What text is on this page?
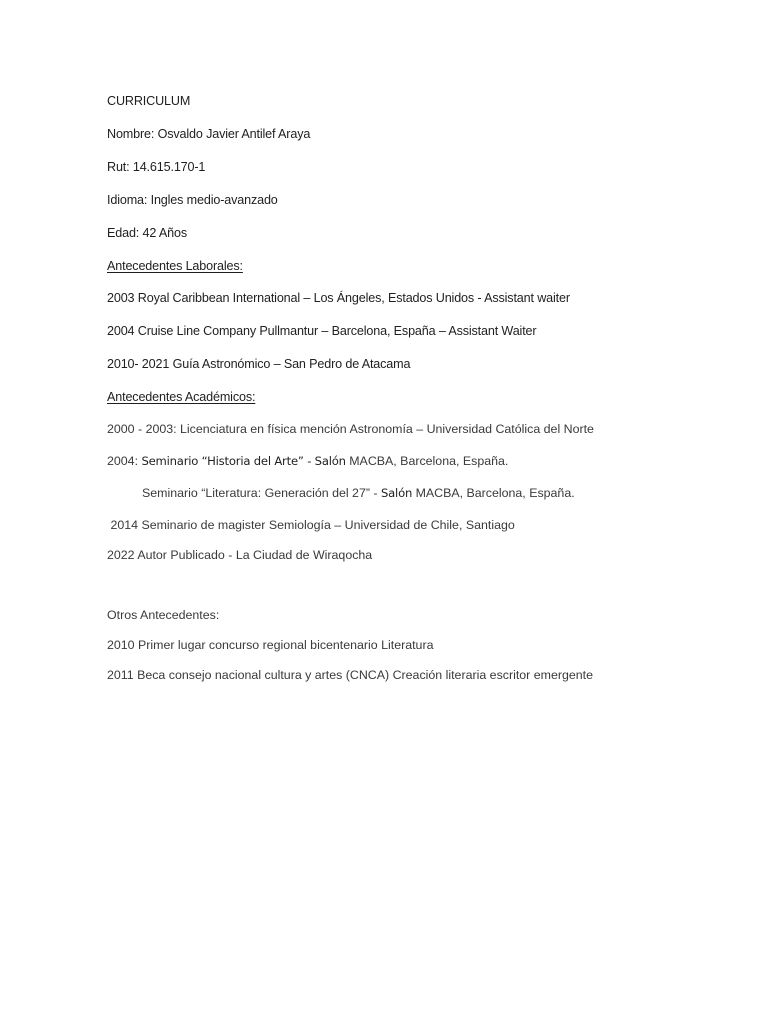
CURRICULUM
Nombre: Osvaldo Javier Antilef Araya
Rut: 14.615.170-1
Idioma: Ingles medio-avanzado
Edad: 42 Años
Antecedentes Laborales:
2003 Royal Caribbean International – Los Ángeles, Estados Unidos - Assistant waiter
2004 Cruise Line Company Pullmantur – Barcelona, España – Assistant Waiter
2010- 2021 Guía Astronómico – San Pedro de Atacama
Antecedentes Académicos:
2000 - 2003: Licenciatura en física mención Astronomía – Universidad Católica del Norte
2004: Seminario “Historia del Arte” - Salón MACBA, Barcelona, España.
Seminario “Literatura: Generación del 27” - Salón MACBA, Barcelona, España.
2014 Seminario de magister Semiología – Universidad de Chile, Santiago
2022 Autor Publicado - La Ciudad de Wiraqocha
Otros Antecedentes:
2010 Primer lugar concurso regional bicentenario Literatura
2011 Beca consejo nacional cultura y artes (CNCA) Creación literaria escritor emergente
